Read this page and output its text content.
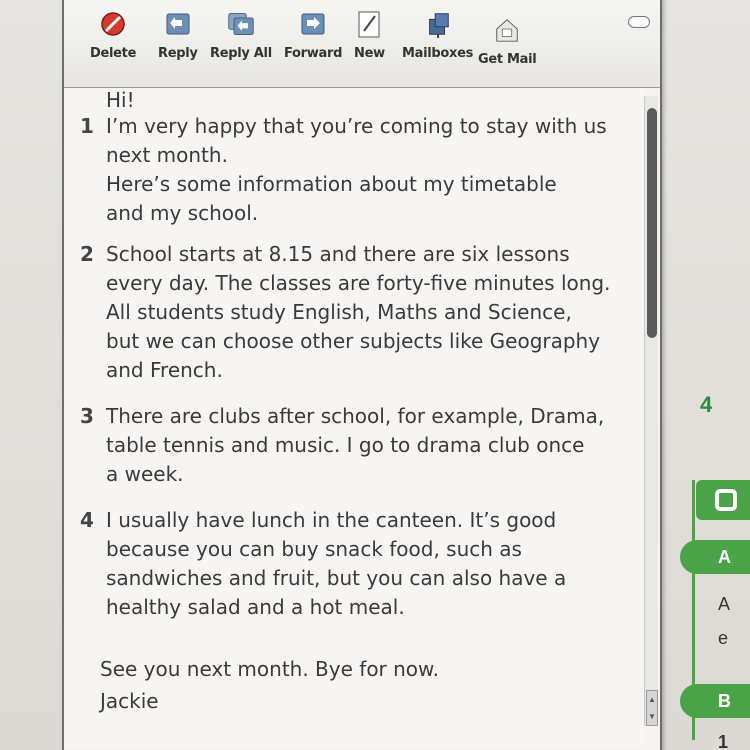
4
A
A
e
B
1
Delete Reply Reply All Forward New Mailboxes Get Mail
Hi!
1 I’m very happy that you’re coming to stay with us
next month.
Here’s some information about my timetable
and my school.
2 School starts at 8.15 and there are six lessons
every day. The classes are forty-five minutes long.
All students study English, Maths and Science,
but we can choose other subjects like Geography
and French.
3 There are clubs after school, for example, Drama,
table tennis and music. I go to drama club once
a week.
4 I usually have lunch in the canteen. It’s good
because you can buy snack food, such as
sandwiches and fruit, but you can also have a
healthy salad and a hot meal.
See you next month. Bye for now.
Jackie	▲
▼
